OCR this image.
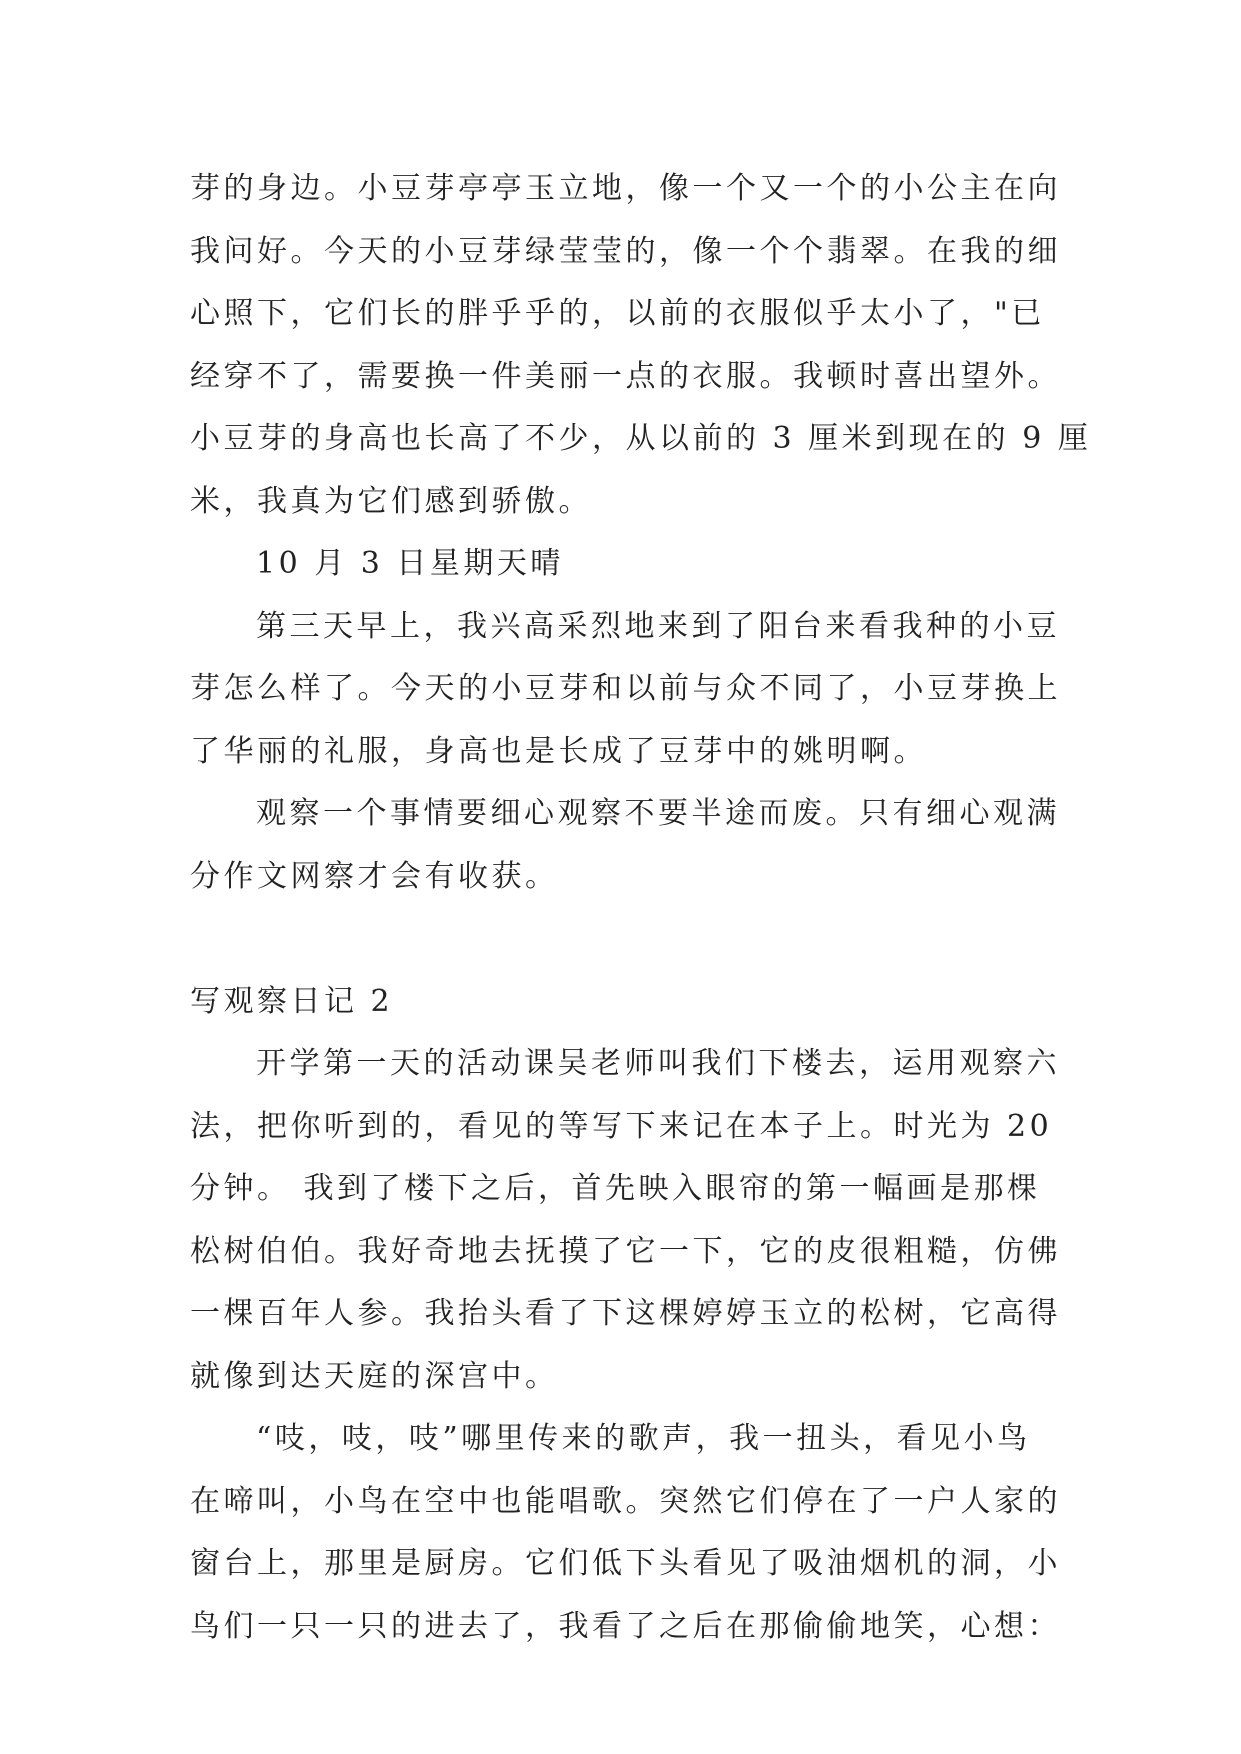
芽的身边。小豆芽亭亭玉立地，像一个又一个的小公主在向
我问好。今天的小豆芽绿莹莹的，像一个个翡翠。在我的细
心照下，它们长的胖乎乎的，以前的衣服似乎太小了，"已
经穿不了，需要换一件美丽一点的衣服。我顿时喜出望外。
小豆芽的身高也长高了不少，从以前的 3 厘米到现在的 9 厘
米，我真为它们感到骄傲。
10 月 3 日星期天晴
第三天早上，我兴高采烈地来到了阳台来看我种的小豆
芽怎么样了。今天的小豆芽和以前与众不同了，小豆芽换上
了华丽的礼服，身高也是长成了豆芽中的姚明啊。
观察一个事情要细心观察不要半途而废。只有细心观满
分作文网察才会有收获。
写观察日记 2
开学第一天的活动课吴老师叫我们下楼去，运用观察六
法，把你听到的，看见的等写下来记在本子上。时光为 20
分钟。 我到了楼下之后，首先映入眼帘的第一幅画是那棵
松树伯伯。我好奇地去抚摸了它一下，它的皮很粗糙，仿佛
一棵百年人参。我抬头看了下这棵婷婷玉立的松树，它高得
就像到达天庭的深宫中。
“吱，吱，吱”哪里传来的歌声，我一扭头，看见小鸟
在啼叫，小鸟在空中也能唱歌。突然它们停在了一户人家的
窗台上，那里是厨房。它们低下头看见了吸油烟机的洞，小
鸟们一只一只的进去了，我看了之后在那偷偷地笑，心想：
